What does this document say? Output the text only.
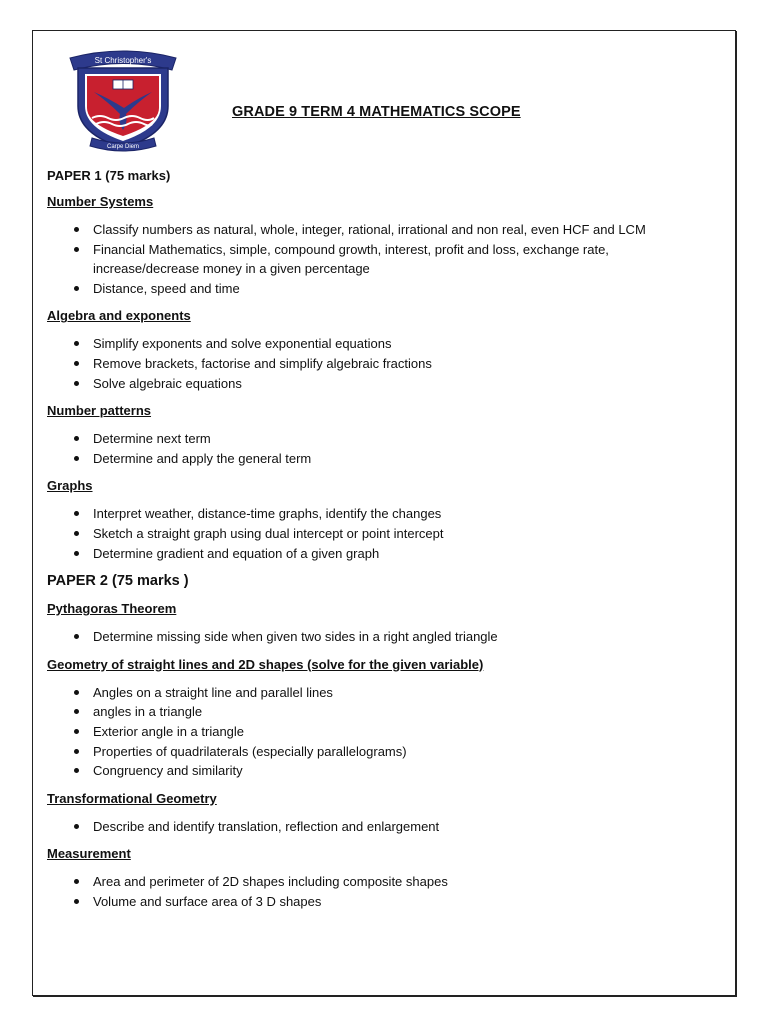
St Christopher's
Carpe Diem
GRADE 9 TERM 4 MATHEMATICS SCOPE
PAPER 1 (75 marks)
Number Systems
Classify numbers as natural, whole, integer, rational, irrational and non real, even HCF and LCM
Financial Mathematics, simple, compound growth, interest, profit and loss, exchange rate, increase/decrease money in a given percentage
Distance, speed and time
Algebra and exponents
Simplify exponents and solve exponential equations
Remove brackets, factorise and simplify algebraic fractions
Solve algebraic equations
Number patterns
Determine next term
Determine and apply the general term
Graphs
Interpret weather, distance-time graphs, identify the changes
Sketch a straight graph using dual intercept or point intercept
Determine gradient and equation of a given graph
PAPER 2 (75 marks )
Pythagoras Theorem
Determine missing side when given two sides in a right angled triangle
Geometry of straight lines and 2D shapes (solve for the given variable)
Angles on a straight line and parallel lines
angles in a triangle
Exterior angle in a triangle
Properties of quadrilaterals (especially parallelograms)
Congruency and similarity
Transformational Geometry
Describe and identify translation, reflection and enlargement
Measurement
Area and perimeter of 2D shapes including composite shapes
Volume and surface area of 3 D shapes
